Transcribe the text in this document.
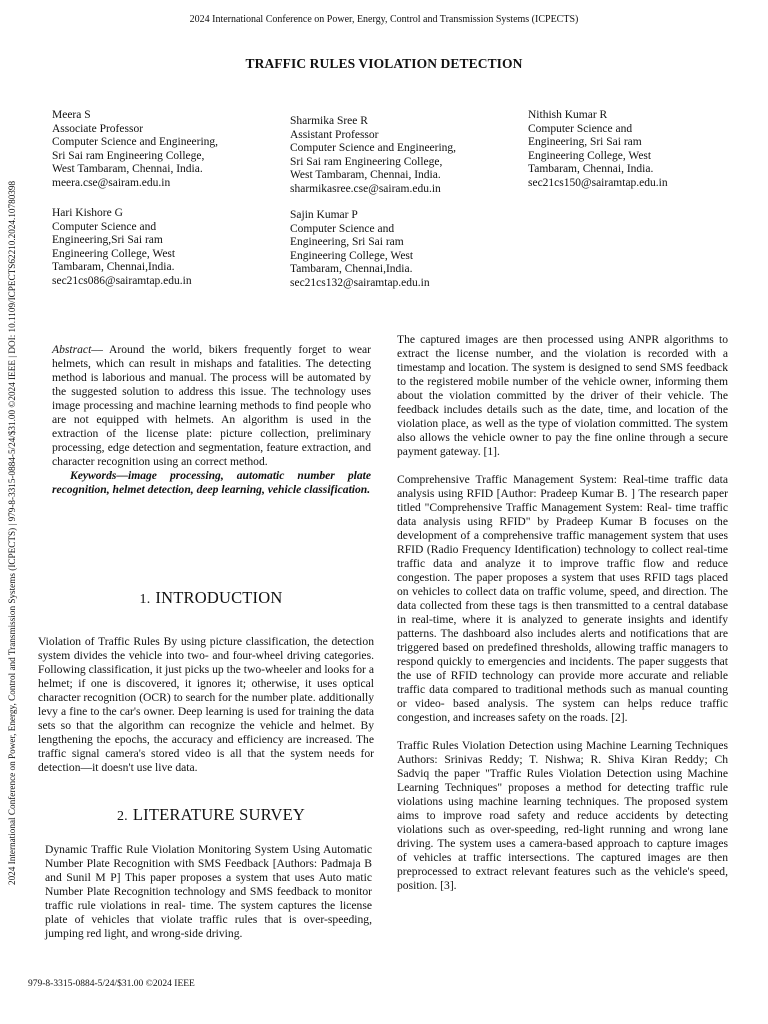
2024 International Conference on Power, Energy, Control and Transmission Systems (ICPECTS)
TRAFFIC RULES VIOLATION DETECTION
2024 International Conference on Power, Energy, Control and Transmission Systems (ICPECTS) | 979-8-3315-0884-5/24/$31.00 ©2024 IEEE | DOI: 10.1109/ICPECTS62210.2024.10780398
Meera S
Associate Professor
Computer Science and Engineering,
Sri Sai ram Engineering College,
West Tambaram, Chennai, India.
meera.cse@sairam.edu.in
Sharmika Sree R
Assistant Professor
Computer Science and Engineering,
Sri Sai ram Engineering College,
West Tambaram, Chennai, India.
sharmikasree.cse@sairam.edu.in
Nithish Kumar R
Computer Science and
Engineering, Sri Sai ram
Engineering College, West
Tambaram, Chennai, India.
sec21cs150@sairamtap.edu.in
Hari Kishore G
Computer Science and
Engineering,Sri Sai ram
Engineering College, West
Tambaram, Chennai,India.
sec21cs086@sairamtap.edu.in
Sajin Kumar P
Computer Science and
Engineering, Sri Sai ram
Engineering College, West
Tambaram, Chennai,India.
sec21cs132@sairamtap.edu.in

Abstract–– Around the world, bikers frequently forget to wear helmets, which can result in mishaps and fatalities. The detecting method is laborious and manual. The process will be automated by the suggested solution to address this issue. The technology uses image processing and machine learning methods to find people who are not equipped with helmets. An algorithm is used in the extraction of the license plate: picture collection, preliminary processing, edge detection and segmentation, feature extraction, and character recognition using an correct method.

Keywords—image processing, automatic number plate recognition, helmet detection, deep learning, vehicle classification.

1. INTRODUCTION
Violation of Traffic Rules By using picture classification, the detection system divides the vehicle into two- and four-wheel driving categories. Following classification, it just picks up the two-wheeler and looks for a helmet; if one is discovered, it ignores it; otherwise, it uses optical character recognition (OCR) to search for the number plate. additionally levy a fine to the car's owner. Deep learning is used for training the data sets so that the algorithm can recognize the vehicle and helmet. By lengthening the epochs, the accuracy and efficiency are increased. The traffic signal camera's stored video is all that the system needs for detection—it doesn't use live data.
2. LITERATURE SURVEY
Dynamic Traffic Rule Violation Monitoring System Using Automatic Number Plate Recognition with SMS Feedback [Authors: Padmaja B and Sunil M P] This paper proposes a system that uses Auto matic Number Plate Recognition technology and SMS feedback to monitor traffic rule violations in real- time. The system captures the license plate of vehicles that violate traffic rules that is over-speeding, jumping red light, and wrong-side driving.

The captured images are then processed using ANPR algorithms to extract the license number, and the violation is recorded with a timestamp and location. The system is designed to send SMS feedback to the registered mobile number of the vehicle owner, informing them about the violation committed by the driver of their vehicle. The feedback includes details such as the date, time, and location of the violation place, as well as the type of violation committed. The system also allows the vehicle owner to pay the fine online through a secure payment gateway. [1].

Comprehensive Traffic Management System: Real-time traffic data analysis using RFID [Author: Pradeep Kumar B. ] The research paper titled "Comprehensive Traffic Management System: Real- time traffic data analysis using RFID" by Pradeep Kumar B focuses on the development of a comprehensive traffic management system that uses RFID (Radio Frequency Identification) technology to collect real-time traffic data and analyze it to improve traffic flow and reduce congestion. The paper proposes a system that uses RFID tags placed on vehicles to collect data on traffic volume, speed, and direction. The data collected from these tags is then transmitted to a central database in real-time, where it is analyzed to generate insights and identify patterns. The dashboard also includes alerts and notifications that are triggered based on predefined thresholds, allowing traffic managers to respond quickly to emergencies and incidents. The paper suggests that the use of RFID technology can provide more accurate and reliable traffic data compared to traditional methods such as manual counting or video- based analysis. The system can helps reduce traffic congestion, and increases safety on the roads. [2].

Traffic Rules Violation Detection using Machine Learning Techniques Authors: Srinivas Reddy; T. Nishwa; R. Shiva Kiran Reddy; Ch Sadviq the paper "Traffic Rules Violation Detection using Machine Learning Techniques" proposes a method for detecting traffic rule violations using machine learning techniques. The proposed system aims to improve road safety and reduce accidents by detecting violations such as over-speeding, red-light running and wrong lane driving. The system uses a camera-based approach to capture images of vehicles at traffic intersections. The captured images are then preprocessed to extract relevant features such as the vehicle's speed, position. [3].

979-8-3315-0884-5/24/$31.00 ©2024 IEEE
